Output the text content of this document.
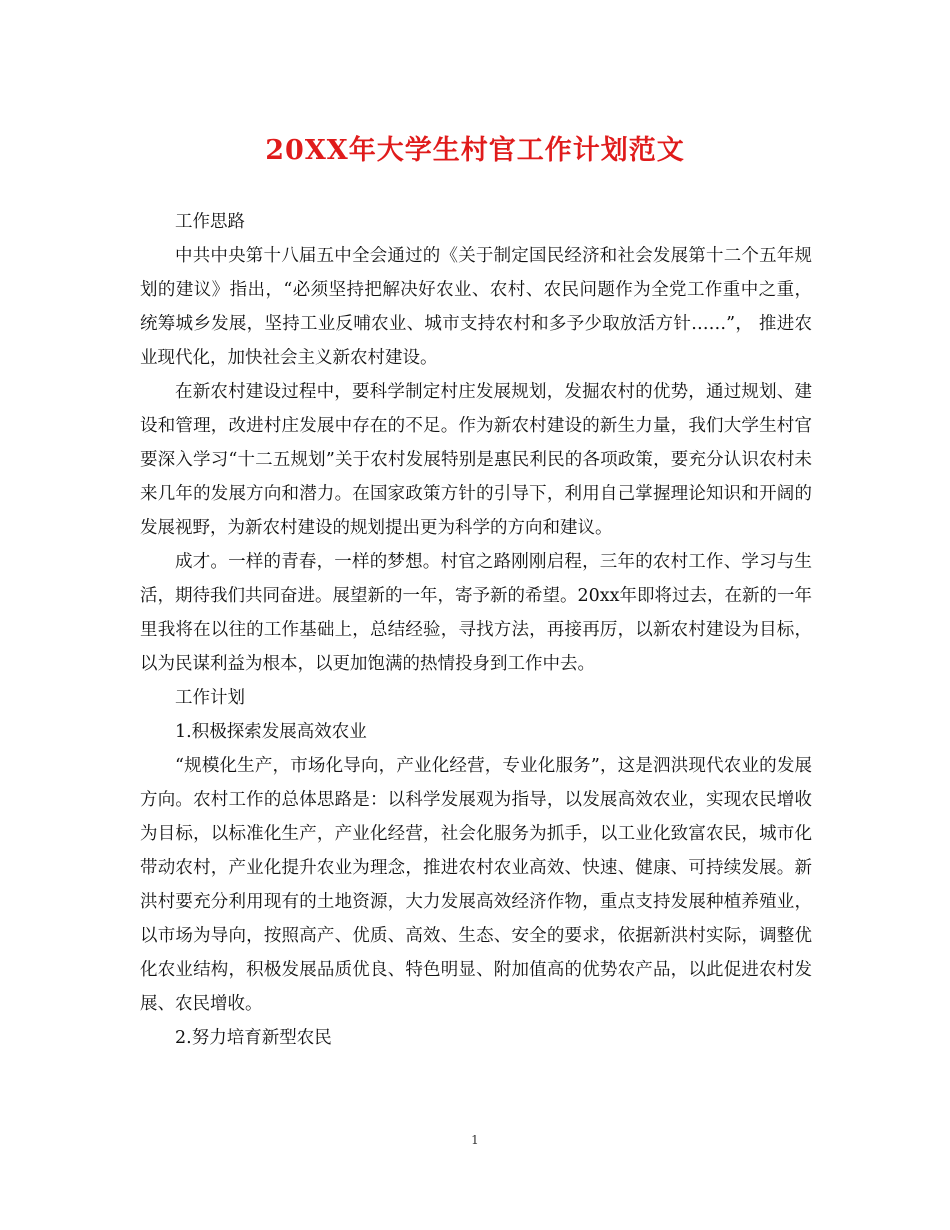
20XX年大学生村官工作计划范文

工作思路

中共中央第十八届五中全会通过的《关于制定国民经济和社会发展第十二个五年规划的建议》指出，“必须坚持把解决好农业、农村、农民问题作为全党工作重中之重，统筹城乡发展，坚持工业反哺农业、城市支持农村和多予少取放活方针……”， 推进农业现代化，加快社会主义新农村建设。

在新农村建设过程中，要科学制定村庄发展规划，发掘农村的优势，通过规划、建设和管理，改进村庄发展中存在的不足。作为新农村建设的新生力量，我们大学生村官要深入学习“十二五规划”关于农村发展特别是惠民利民的各项政策，要充分认识农村未来几年的发展方向和潜力。在国家政策方针的引导下，利用自己掌握理论知识和开阔的发展视野，为新农村建设的规划提出更为科学的方向和建议。

成才。一样的青春，一样的梦想。村官之路刚刚启程，三年的农村工作、学习与生活，期待我们共同奋进。展望新的一年，寄予新的希望。20xx年即将过去，在新的一年里我将在以往的工作基础上，总结经验，寻找方法，再接再厉，以新农村建设为目标，以为民谋利益为根本，以更加饱满的热情投身到工作中去。

工作计划

1.积极探索发展高效农业

“规模化生产，市场化导向，产业化经营，专业化服务”，这是泗洪现代农业的发展方向。农村工作的总体思路是：以科学发展观为指导，以发展高效农业，实现农民增收为目标，以标准化生产，产业化经营，社会化服务为抓手，以工业化致富农民，城市化带动农村，产业化提升农业为理念，推进农村农业高效、快速、健康、可持续发展。新洪村要充分利用现有的土地资源，大力发展高效经济作物，重点支持发展种植养殖业，以市场为导向，按照高产、优质、高效、生态、安全的要求，依据新洪村实际，调整优化农业结构，积极发展品质优良、特色明显、附加值高的优势农产品，以此促进农村发展、农民增收。

2.努力培育新型农民

1
